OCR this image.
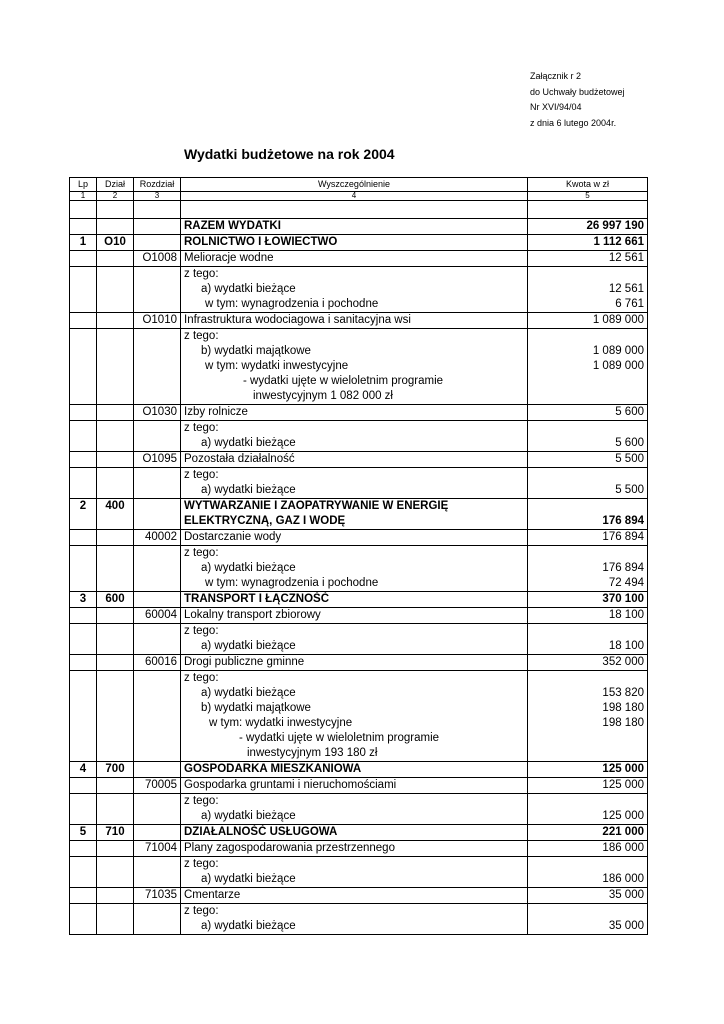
Załącznik r 2
do Uchwały budżetowej
Nr XVI/94/04
z dnia 6 lutego 2004r.
Wydatki budżetowe na rok 2004
Lp	Dział	Rozdział	Wyszczególnienie	Kwota w zł
1	2	3	4	5

			RAZEM WYDATKI	26 997 190
1	O10		ROLNICTWO I ŁOWIECTWO	1 112 661
		O1008	Melioracje wodne	12 561
			z tego:	
			a) wydatki bieżące	12 561
			w tym: wynagrodzenia i pochodne	6 761
		O1010	Infrastruktura wodociagowa i sanitacyjna wsi	1 089 000
			z tego:	
			b) wydatki majątkowe	1 089 000
			w tym: wydatki inwestycyjne	1 089 000
			- wydatki ujęte w wieloletnim programie	
			inwestycyjnym 1 082 000 zł	
		O1030	Izby rolnicze	5 600
			z tego:	
			a) wydatki bieżące	5 600
		O1095	Pozostała działalność	5 500
			z tego:	
			a) wydatki bieżące	5 500
2	400		WYTWARZANIE I ZAOPATRYWANIE W ENERGIĘ	
			ELEKTRYCZNĄ, GAZ I WODĘ	176 894
		40002	Dostarczanie wody	176 894
			z tego:	
			a) wydatki bieżące	176 894
			w tym: wynagrodzenia i pochodne	72 494
3	600		TRANSPORT I ŁĄCZNOŚĆ	370 100
		60004	Lokalny transport zbiorowy	18 100
			z tego:	
			a) wydatki bieżące	18 100
		60016	Drogi publiczne gminne	352 000
			z tego:	
			a) wydatki bieżące	153 820
			b) wydatki majątkowe	198 180
			w tym: wydatki inwestycyjne	198 180
			- wydatki ujęte w wieloletnim programie	
			inwestycyjnym 193 180 zł	
4	700		GOSPODARKA MIESZKANIOWA	125 000
		70005	Gospodarka gruntami i nieruchomościami	125 000
			z tego:	
			a) wydatki bieżące	125 000
5	710		DZIAŁALNOŚĆ USŁUGOWA	221 000
		71004	Plany zagospodarowania przestrzennego	186 000
			z tego:	
			a) wydatki bieżące	186 000
		71035	Cmentarze	35 000
			z tego:	
			a) wydatki bieżące	35 000
